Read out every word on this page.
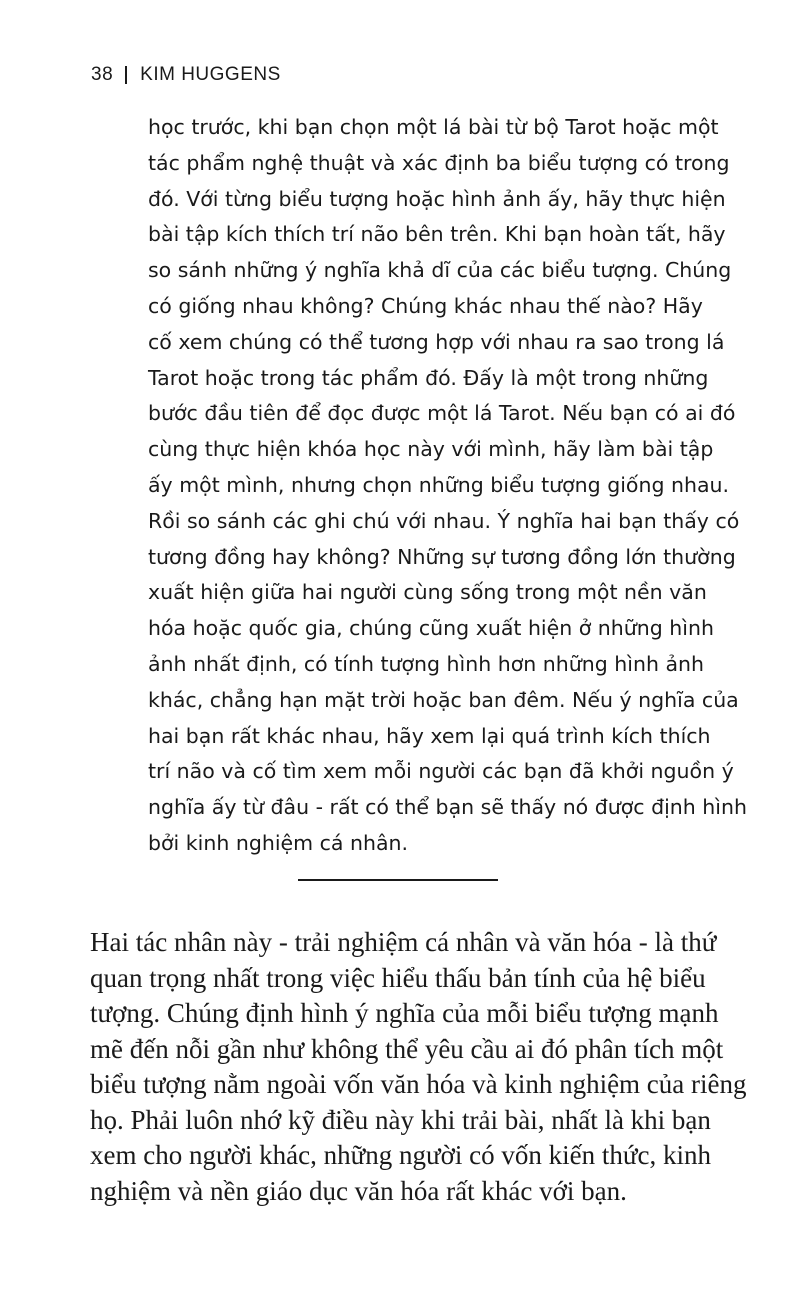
38 KIM HUGGENS
học trước, khi bạn chọn một lá bài từ bộ Tarot hoặc một
tác phẩm nghệ thuật và xác định ba biểu tượng có trong
đó. Với từng biểu tượng hoặc hình ảnh ấy, hãy thực hiện
bài tập kích thích trí não bên trên. Khi bạn hoàn tất, hãy
so sánh những ý nghĩa khả dĩ của các biểu tượng. Chúng
có giống nhau không? Chúng khác nhau thế nào? Hãy
cố xem chúng có thể tương hợp với nhau ra sao trong lá
Tarot hoặc trong tác phẩm đó. Đấy là một trong những
bước đầu tiên để đọc được một lá Tarot. Nếu bạn có ai đó
cùng thực hiện khóa học này với mình, hãy làm bài tập
ấy một mình, nhưng chọn những biểu tượng giống nhau.
Rồi so sánh các ghi chú với nhau. Ý nghĩa hai bạn thấy có
tương đồng hay không? Những sự tương đồng lớn thường
xuất hiện giữa hai người cùng sống trong một nền văn
hóa hoặc quốc gia, chúng cũng xuất hiện ở những hình
ảnh nhất định, có tính tượng hình hơn những hình ảnh
khác, chẳng hạn mặt trời hoặc ban đêm. Nếu ý nghĩa của
hai bạn rất khác nhau, hãy xem lại quá trình kích thích
trí não và cố tìm xem mỗi người các bạn đã khởi nguồn ý
nghĩa ấy từ đâu - rất có thể bạn sẽ thấy nó được định hình
bởi kinh nghiệm cá nhân.
Hai tác nhân này - trải nghiệm cá nhân và văn hóa - là thứ
quan trọng nhất trong việc hiểu thấu bản tính của hệ biểu
tượng. Chúng định hình ý nghĩa của mỗi biểu tượng mạnh
mẽ đến nỗi gần như không thể yêu cầu ai đó phân tích một
biểu tượng nằm ngoài vốn văn hóa và kinh nghiệm của riêng
họ. Phải luôn nhớ kỹ điều này khi trải bài, nhất là khi bạn
xem cho người khác, những người có vốn kiến thức, kinh
nghiệm và nền giáo dục văn hóa rất khác với bạn.
